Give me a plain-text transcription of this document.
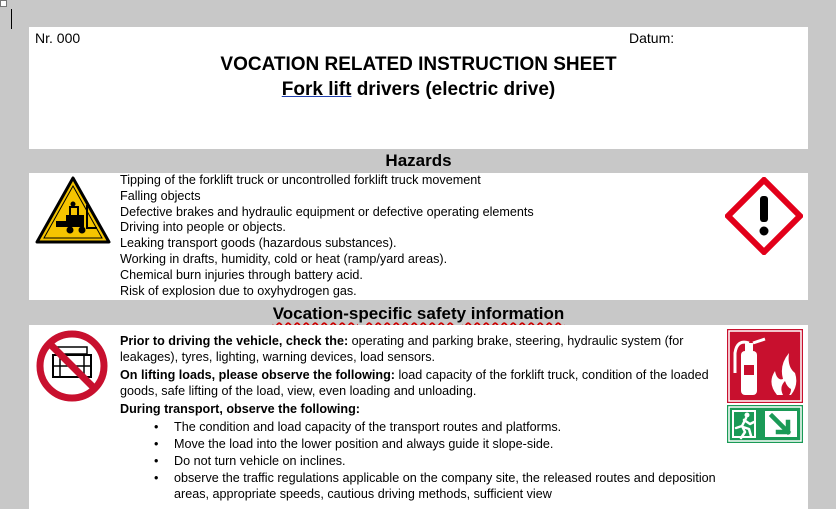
Nr. 000	Datum:
VOCATION RELATED INSTRUCTION SHEET
Fork lift drivers (electric drive)
Hazards
Tipping of the forklift truck or uncontrolled forklift truck movement
Falling objects
Defective brakes and hydraulic equipment or defective operating elements
Driving into people or objects.
Leaking transport goods (hazardous substances).
Working in drafts, humidity, cold or heat (ramp/yard areas).
Chemical burn injuries through battery acid.
Risk of explosion due to oxyhydrogen gas.
Vocation-specific safety information

Prior to driving the vehicle, check the: operating and parking brake, steering, hydraulic system (for leakages), tyres, lighting, warning devices, load sensors.

On lifting loads, please observe the following: load capacity of the forklift truck, condition of the loaded goods, safe lifting of the load, view, even loading and unloading.

During transport, observe the following:

• The condition and load capacity of the transport routes and platforms.
• Move the load into the lower position and always guide it slope-side.
• Do not turn vehicle on inclines.
• observe the traffic regulations applicable on the company site, the released routes and deposition areas, appropriate speeds, cautious driving methods, sufficient view
